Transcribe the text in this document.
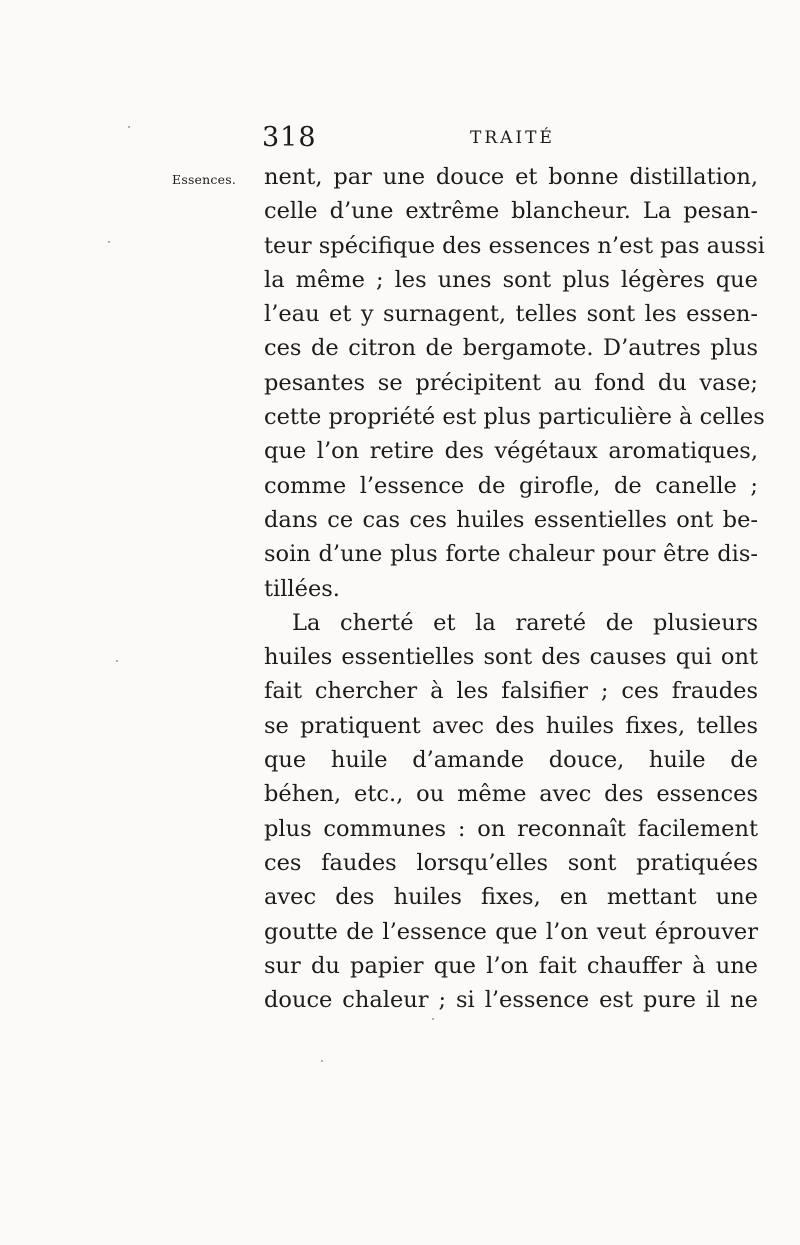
318	TRAITÉ
Essences. nent, par une douce et bonne distillation,
celle d’une extrême blancheur. La pesan-
teur spécifique des essences n’est pas aussi
la même ; les unes sont plus légères que
l’eau et y surnagent, telles sont les essen-
ces de citron de bergamote. D’autres plus
pesantes se précipitent au fond du vase;
cette propriété est plus particulière à celles
que l’on retire des végétaux aromatiques,
comme l’essence de girofle, de canelle ;
dans ce cas ces huiles essentielles ont be-
soin d’une plus forte chaleur pour être dis-
tillées.
La cherté et la rareté de plusieurs
huiles essentielles sont des causes qui ont
fait chercher à les falsifier ; ces fraudes
se pratiquent avec des huiles fixes, telles
que huile d’amande douce, huile de
béhen, etc., ou même avec des essences
plus communes : on reconnaît facilement
ces faudes lorsqu’elles sont pratiquées
avec des huiles fixes, en mettant une
goutte de l’essence que l’on veut éprouver
sur du papier que l’on fait chauffer à une
douce chaleur ; si l’essence est pure il ne
